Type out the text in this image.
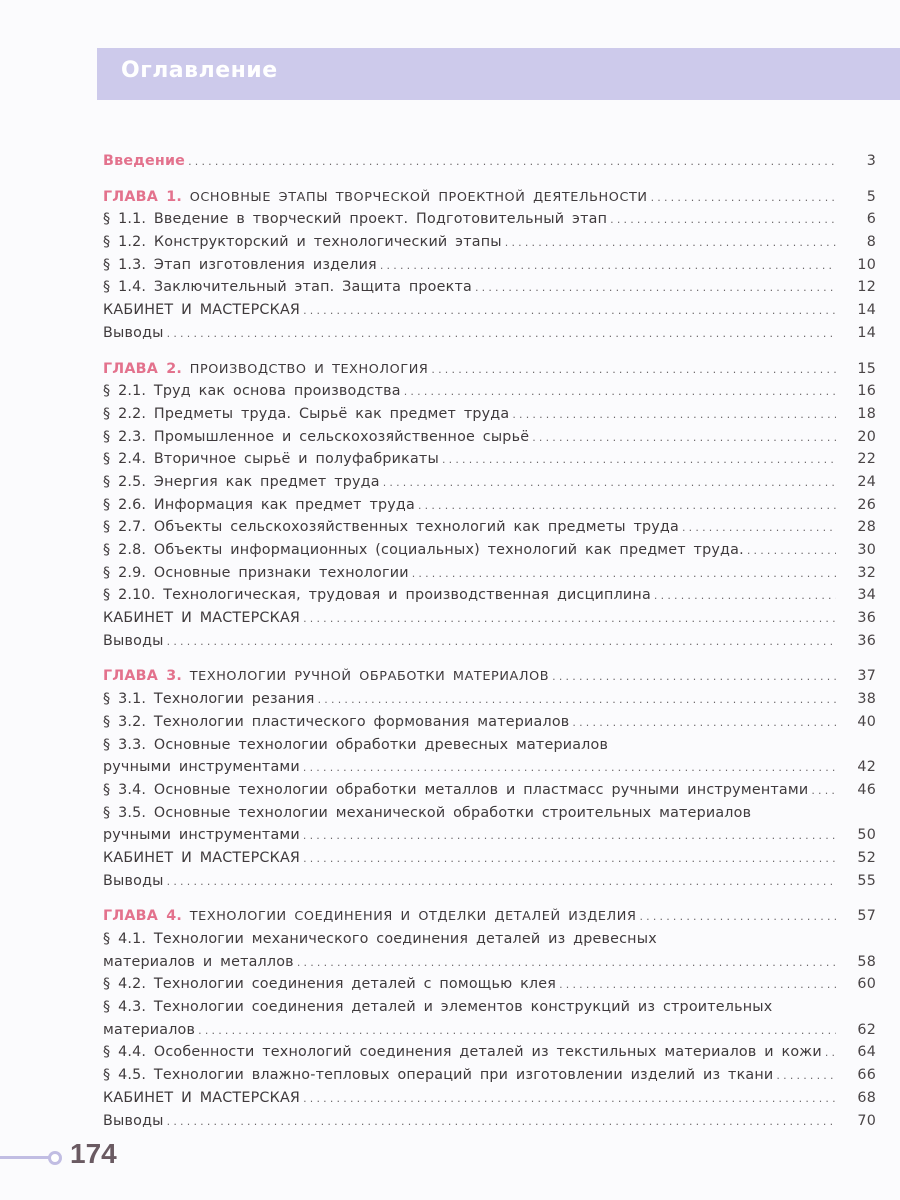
Оглавление
Введение .....	3
ГЛАВА 1. ОСНОВНЫЕ ЭТАПЫ ТВОРЧЕСКОЙ ПРОЕКТНОЙ ДЕЯТЕЛЬНОСТИ .....	5
§ 1.1. Введение в творческий проект. Подготовительный этап .....	6
§ 1.2. Конструкторский и технологический этапы .....	8
§ 1.3. Этап изготовления изделия .....	10
§ 1.4. Заключительный этап. Защита проекта .....	12
КАБИНЕТ И МАСТЕРСКАЯ .....	14
Выводы .....	14
ГЛАВА 2. ПРОИЗВОДСТВО И ТЕХНОЛОГИЯ .....	15
§ 2.1. Труд как основа производства .....	16
§ 2.2. Предметы труда. Сырьё как предмет труда .....	18
§ 2.3. Промышленное и сельскохозяйственное сырьё .....	20
§ 2.4. Вторичное сырьё и полуфабрикаты .....	22
§ 2.5. Энергия как предмет труда .....	24
§ 2.6. Информация как предмет труда .....	26
§ 2.7. Объекты сельскохозяйственных технологий как предметы труда .....	28
§ 2.8. Объекты информационных (социальных) технологий как предмет труда. .....	30
§ 2.9. Основные признаки технологии .....	32
§ 2.10. Технологическая, трудовая и производственная дисциплина .....	34
КАБИНЕТ И МАСТЕРСКАЯ .....	36
Выводы .....	36
ГЛАВА 3. ТЕХНОЛОГИИ РУЧНОЙ ОБРАБОТКИ МАТЕРИАЛОВ .....	37
§ 3.1. Технологии резания .....	38
§ 3.2. Технологии пластического формования материалов .....	40
§ 3.3. Основные технологии обработки древесных материалов
ручными инструментами .....	42
§ 3.4. Основные технологии обработки металлов и пластмасс ручными инструментами .....	46
§ 3.5. Основные технологии механической обработки строительных материалов
ручными инструментами .....	50
КАБИНЕТ И МАСТЕРСКАЯ .....	52
Выводы .....	55
ГЛАВА 4. ТЕХНОЛОГИИ СОЕДИНЕНИЯ И ОТДЕЛКИ ДЕТАЛЕЙ ИЗДЕЛИЯ .....	57
§ 4.1. Технологии механического соединения деталей из древесных
материалов и металлов .....	58
§ 4.2. Технологии соединения деталей с помощью клея .....	60
§ 4.3. Технологии соединения деталей и элементов конструкций из строительных
материалов .....	62
§ 4.4. Особенности технологий соединения деталей из текстильных материалов и кожи .....	64
§ 4.5. Технологии влажно-тепловых операций при изготовлении изделий из ткани .....	66
КАБИНЕТ И МАСТЕРСКАЯ .....	68
Выводы .....	70
174
